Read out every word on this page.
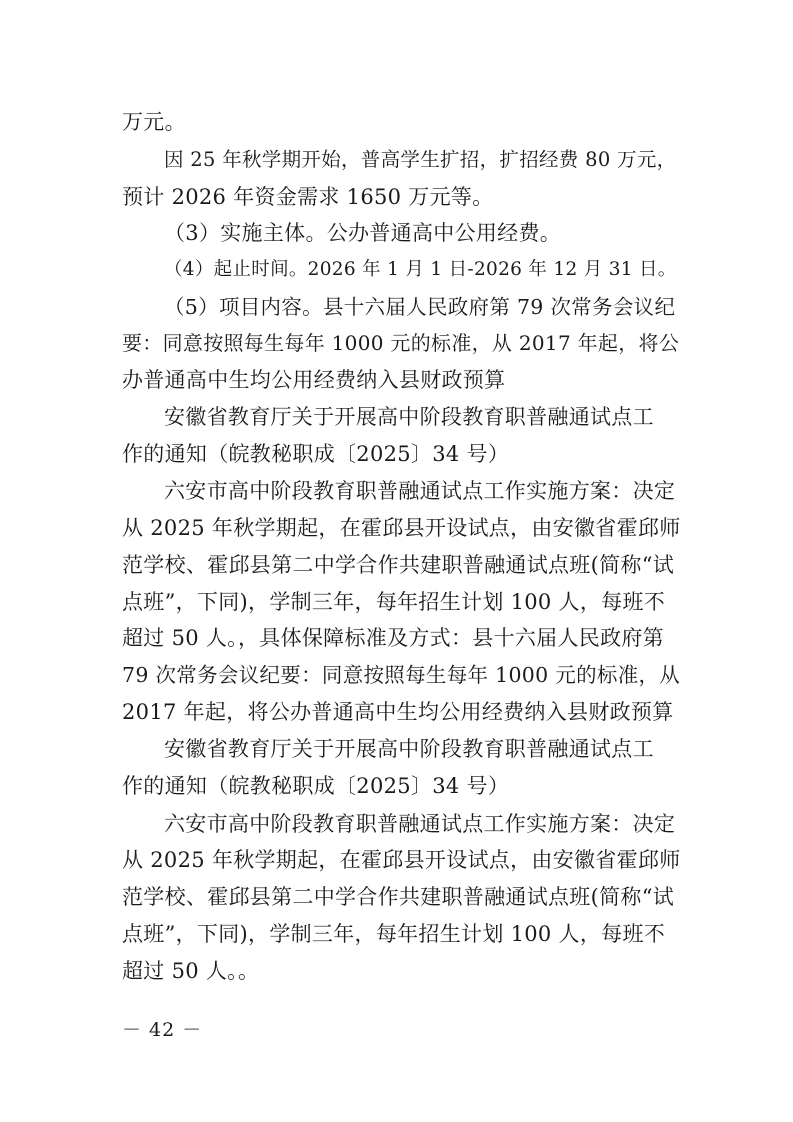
万元。
因 25 年秋学期开始，普高学生扩招，扩招经费 80 万元，
预计 2026 年资金需求 1650 万元等。
（3）实施主体。公办普通高中公用经费。
（4）起止时间。2026 年 1 月 1 日-2026 年 12 月 31 日。
（5）项目内容。县十六届人民政府第 79 次常务会议纪
要：同意按照每生每年 1000 元的标准，从 2017 年起，将公
办普通高中生均公用经费纳入县财政预算
安徽省教育厅关于开展高中阶段教育职普融通试点工
作的通知（皖教秘职成〔2025〕34 号）
六安市高中阶段教育职普融通试点工作实施方案：决定
从 2025 年秋学期起，在霍邱县开设试点，由安徽省霍邱师
范学校、霍邱县第二中学合作共建职普融通试点班(简称“试
点班”，下同)，学制三年，每年招生计划 100 人，每班不
超过 50 人。，具体保障标准及方式：县十六届人民政府第
79 次常务会议纪要：同意按照每生每年 1000 元的标准，从
2017 年起，将公办普通高中生均公用经费纳入县财政预算
安徽省教育厅关于开展高中阶段教育职普融通试点工
作的通知（皖教秘职成〔2025〕34 号）
六安市高中阶段教育职普融通试点工作实施方案：决定
从 2025 年秋学期起，在霍邱县开设试点，由安徽省霍邱师
范学校、霍邱县第二中学合作共建职普融通试点班(简称“试
点班”，下同)，学制三年，每年招生计划 100 人，每班不
超过 50 人。。
－ 42 －
